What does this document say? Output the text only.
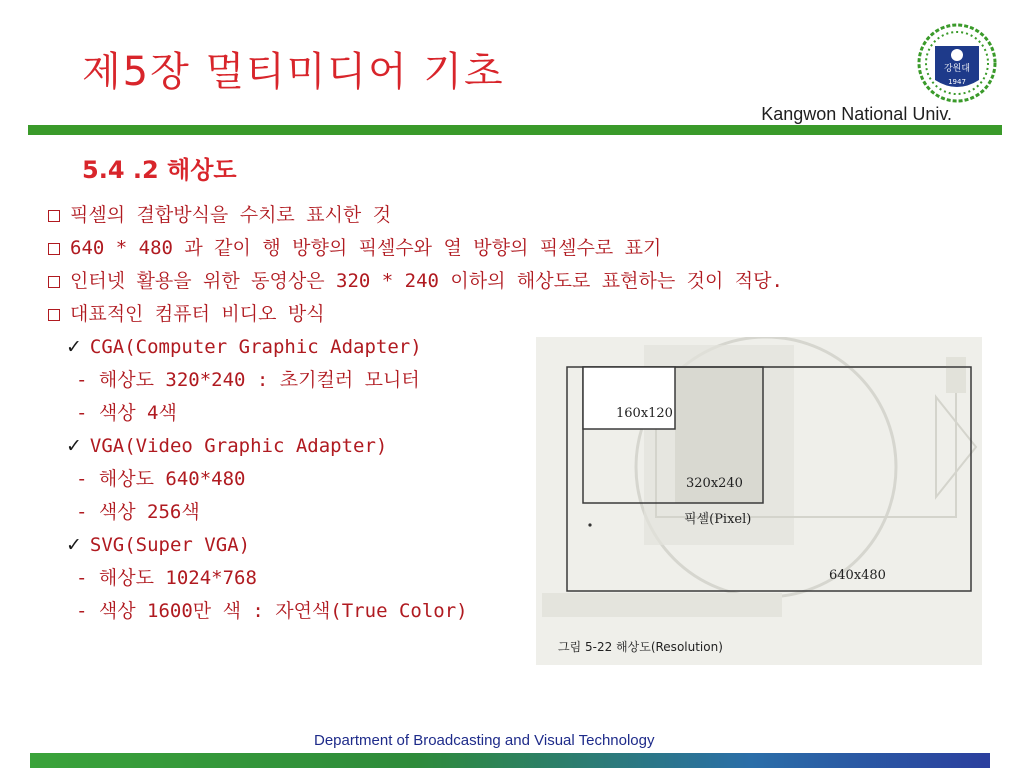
제5장 멀티미디어 기초	강원대
1947
Kangwon National Univ.
5.4 .2 해상도
픽셀의 결합방식을 수치로 표시한 것
640 * 480 과 같이 행 방향의 픽셀수와 열 방향의 픽셀수로 표기
인터넷 활용을 위한 동영상은 320 * 240 이하의 해상도로 표현하는 것이 적당.
대표적인 컴퓨터 비디오 방식
✓ CGA(Computer Graphic Adapter)
- 해상도 320*240 : 초기컬러 모니터
- 색상 4색
✓ VGA(Video Graphic Adapter)
- 해상도 640*480
- 색상 256색
✓ SVG(Super VGA)
- 해상도 1024*768
- 색상 1600만 색 : 자연색(True Color)
160x120
320x240
픽셀(Pixel)
640x480
그림 5-22 해상도(Resolution)
Department of Broadcasting and Visual Technology
